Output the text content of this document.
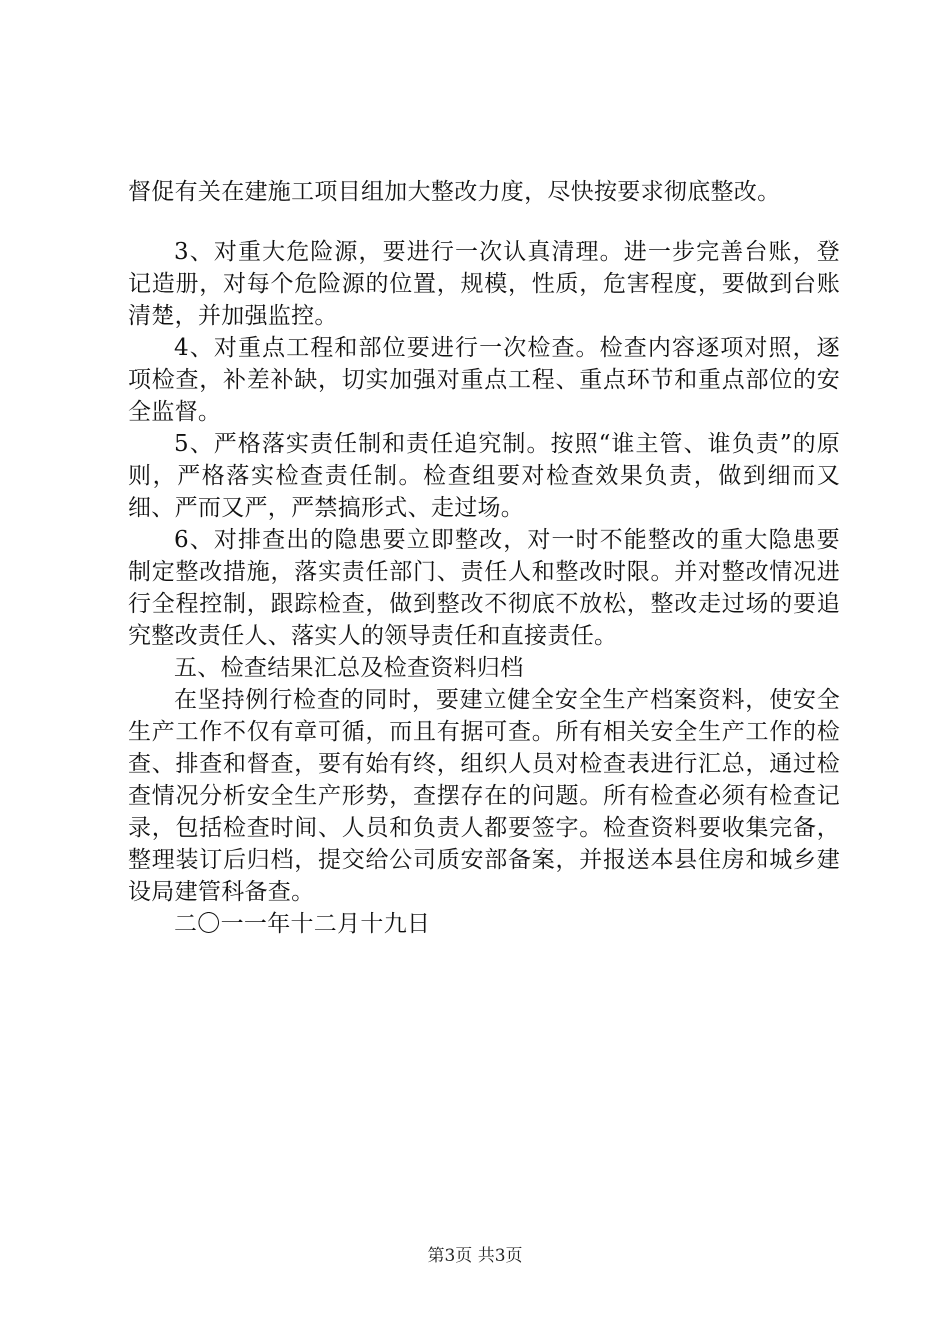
督促有关在建施工项目组加大整改力度，尽快按要求彻底整改。

3、对重大危险源，要进行一次认真清理。进一步完善台账，登记造册，对每个危险源的位置，规模，性质，危害程度，要做到台账清楚，并加强监控。

4、对重点工程和部位要进行一次检查。检查内容逐项对照，逐项检查，补差补缺，切实加强对重点工程、重点环节和重点部位的安全监督。

5、严格落实责任制和责任追究制。按照“谁主管、谁负责”的原则，严格落实检查责任制。检查组要对检查效果负责，做到细而又细、严而又严，严禁搞形式、走过场。

6、对排查出的隐患要立即整改，对一时不能整改的重大隐患要制定整改措施，落实责任部门、责任人和整改时限。并对整改情况进行全程控制，跟踪检查，做到整改不彻底不放松，整改走过场的要追究整改责任人、落实人的领导责任和直接责任。

五、检查结果汇总及检查资料归档

在坚持例行检查的同时，要建立健全安全生产档案资料，使安全生产工作不仅有章可循，而且有据可查。所有相关安全生产工作的检查、排查和督查，要有始有终，组织人员对检查表进行汇总，通过检查情况分析安全生产形势，查摆存在的问题。所有检查必须有检查记录，包括检查时间、人员和负责人都要签字。检查资料要收集完备，整理装订后归档，提交给公司质安部备案，并报送本县住房和城乡建设局建管科备查。

二〇一一年十二月十九日

第3页 共3页
